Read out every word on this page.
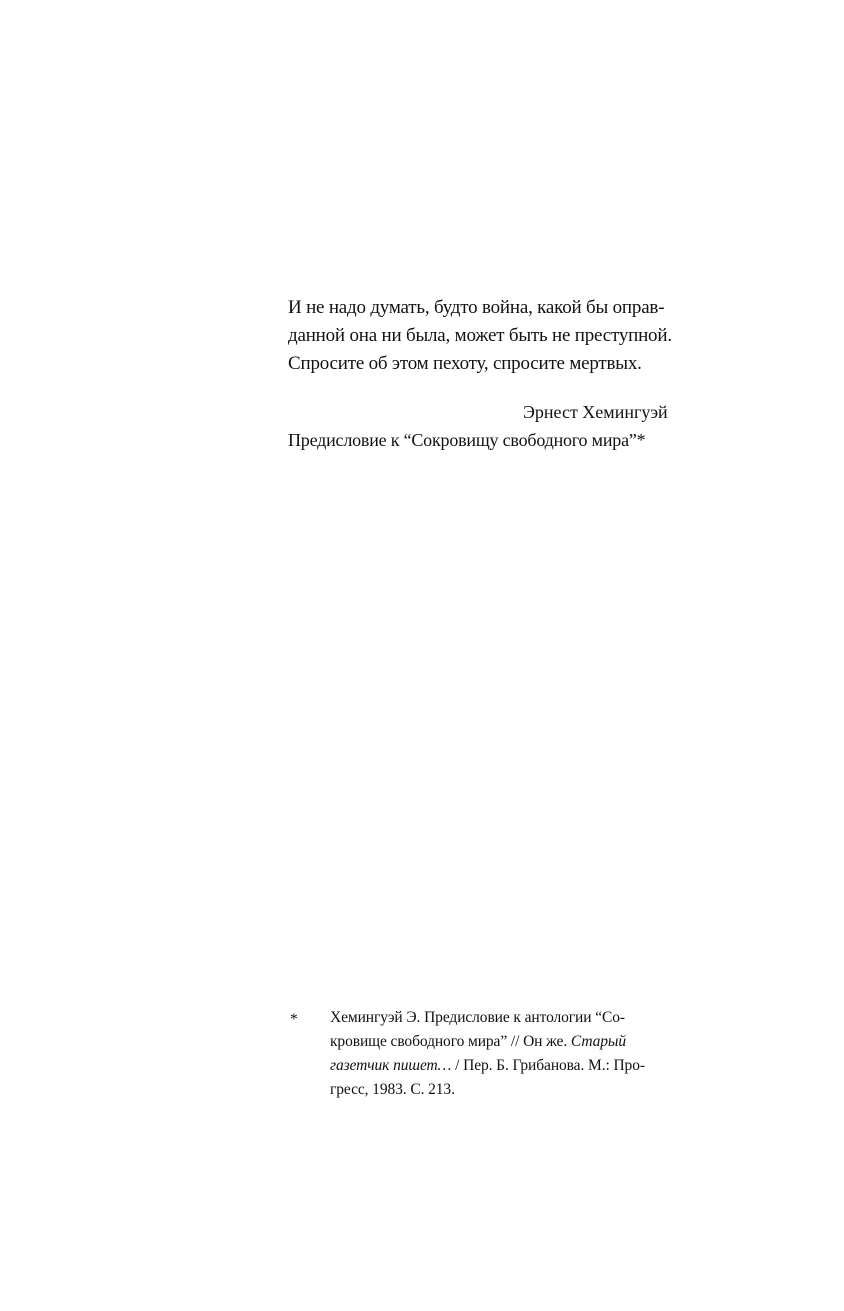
И не надо думать, будто война, какой бы оправ-
данной она ни была, может быть не преступной.
Спросите об этом пехоту, спросите мертвых.
Эрнест Хемингуэй
Предисловие к “Сокровищу свободного мира”*
* Хемингуэй Э. Предисловие к антологии “Со-
кровище свободного мира” // Он же. Старый
газетчик пишет… / Пер. Б. Грибанова. М.: Про-
гресс, 1983. С. 213.
